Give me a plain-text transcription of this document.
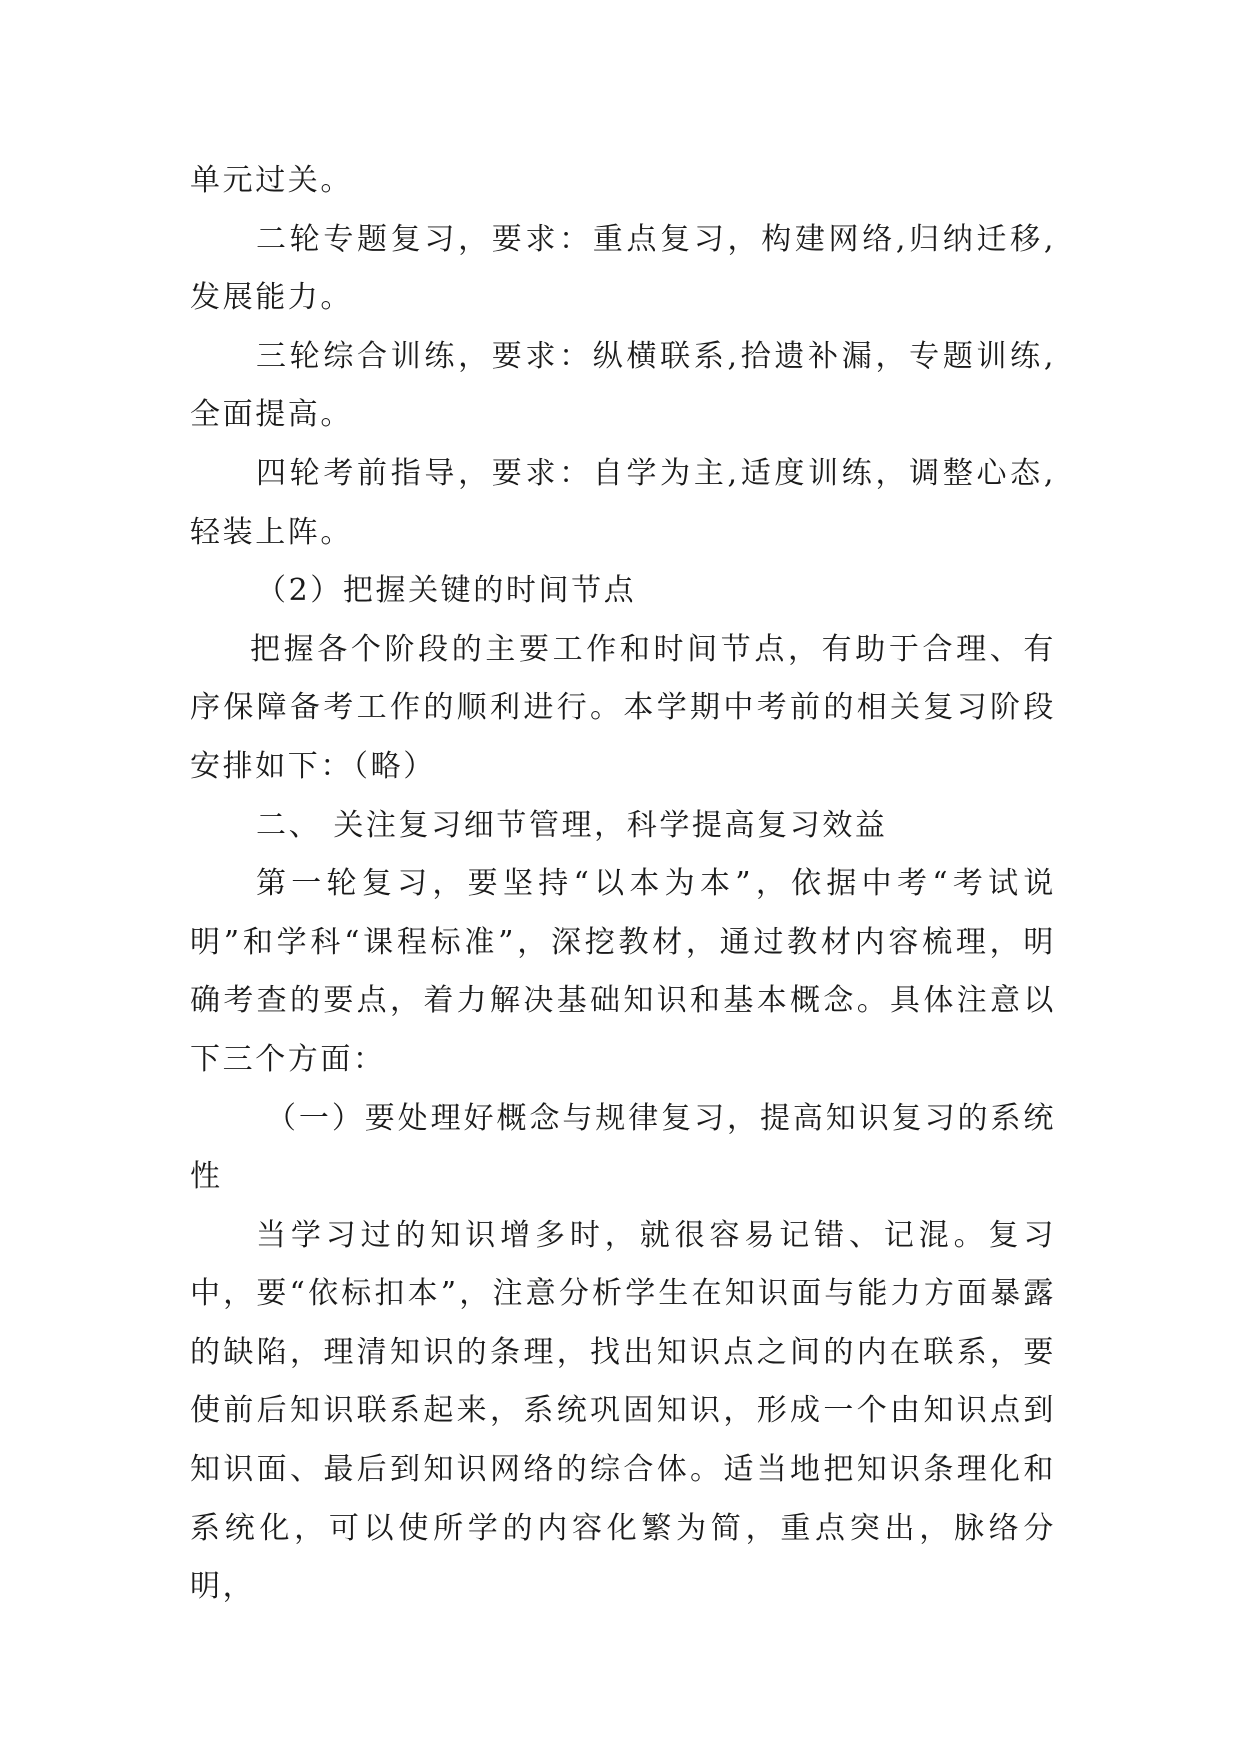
单元过关。

二轮专题复习，要求：重点复习，构建网络,归纳迁移,发展能力。

三轮综合训练，要求：纵横联系,拾遗补漏，专题训练,全面提高。

四轮考前指导，要求：自学为主,适度训练，调整心态,轻装上阵。

（2）把握关键的时间节点

把握各个阶段的主要工作和时间节点，有助于合理、有序保障备考工作的顺利进行。本学期中考前的相关复习阶段安排如下：（略）

二、 关注复习细节管理，科学提高复习效益

第一轮复习，要坚持“以本为本”，依据中考“考试说明”和学科“课程标准”，深挖教材，通过教材内容梳理，明确考查的要点，着力解决基础知识和基本概念。具体注意以下三个方面：

（一）要处理好概念与规律复习，提高知识复习的系统性

当学习过的知识增多时，就很容易记错、记混。复习中，要“依标扣本”，注意分析学生在知识面与能力方面暴露的缺陷，理清知识的条理，找出知识点之间的内在联系，要使前后知识联系起来，系统巩固知识，形成一个由知识点到知识面、最后到知识网络的综合体。适当地把知识条理化和系统化，可以使所学的内容化繁为简，重点突出，脉络分明，
